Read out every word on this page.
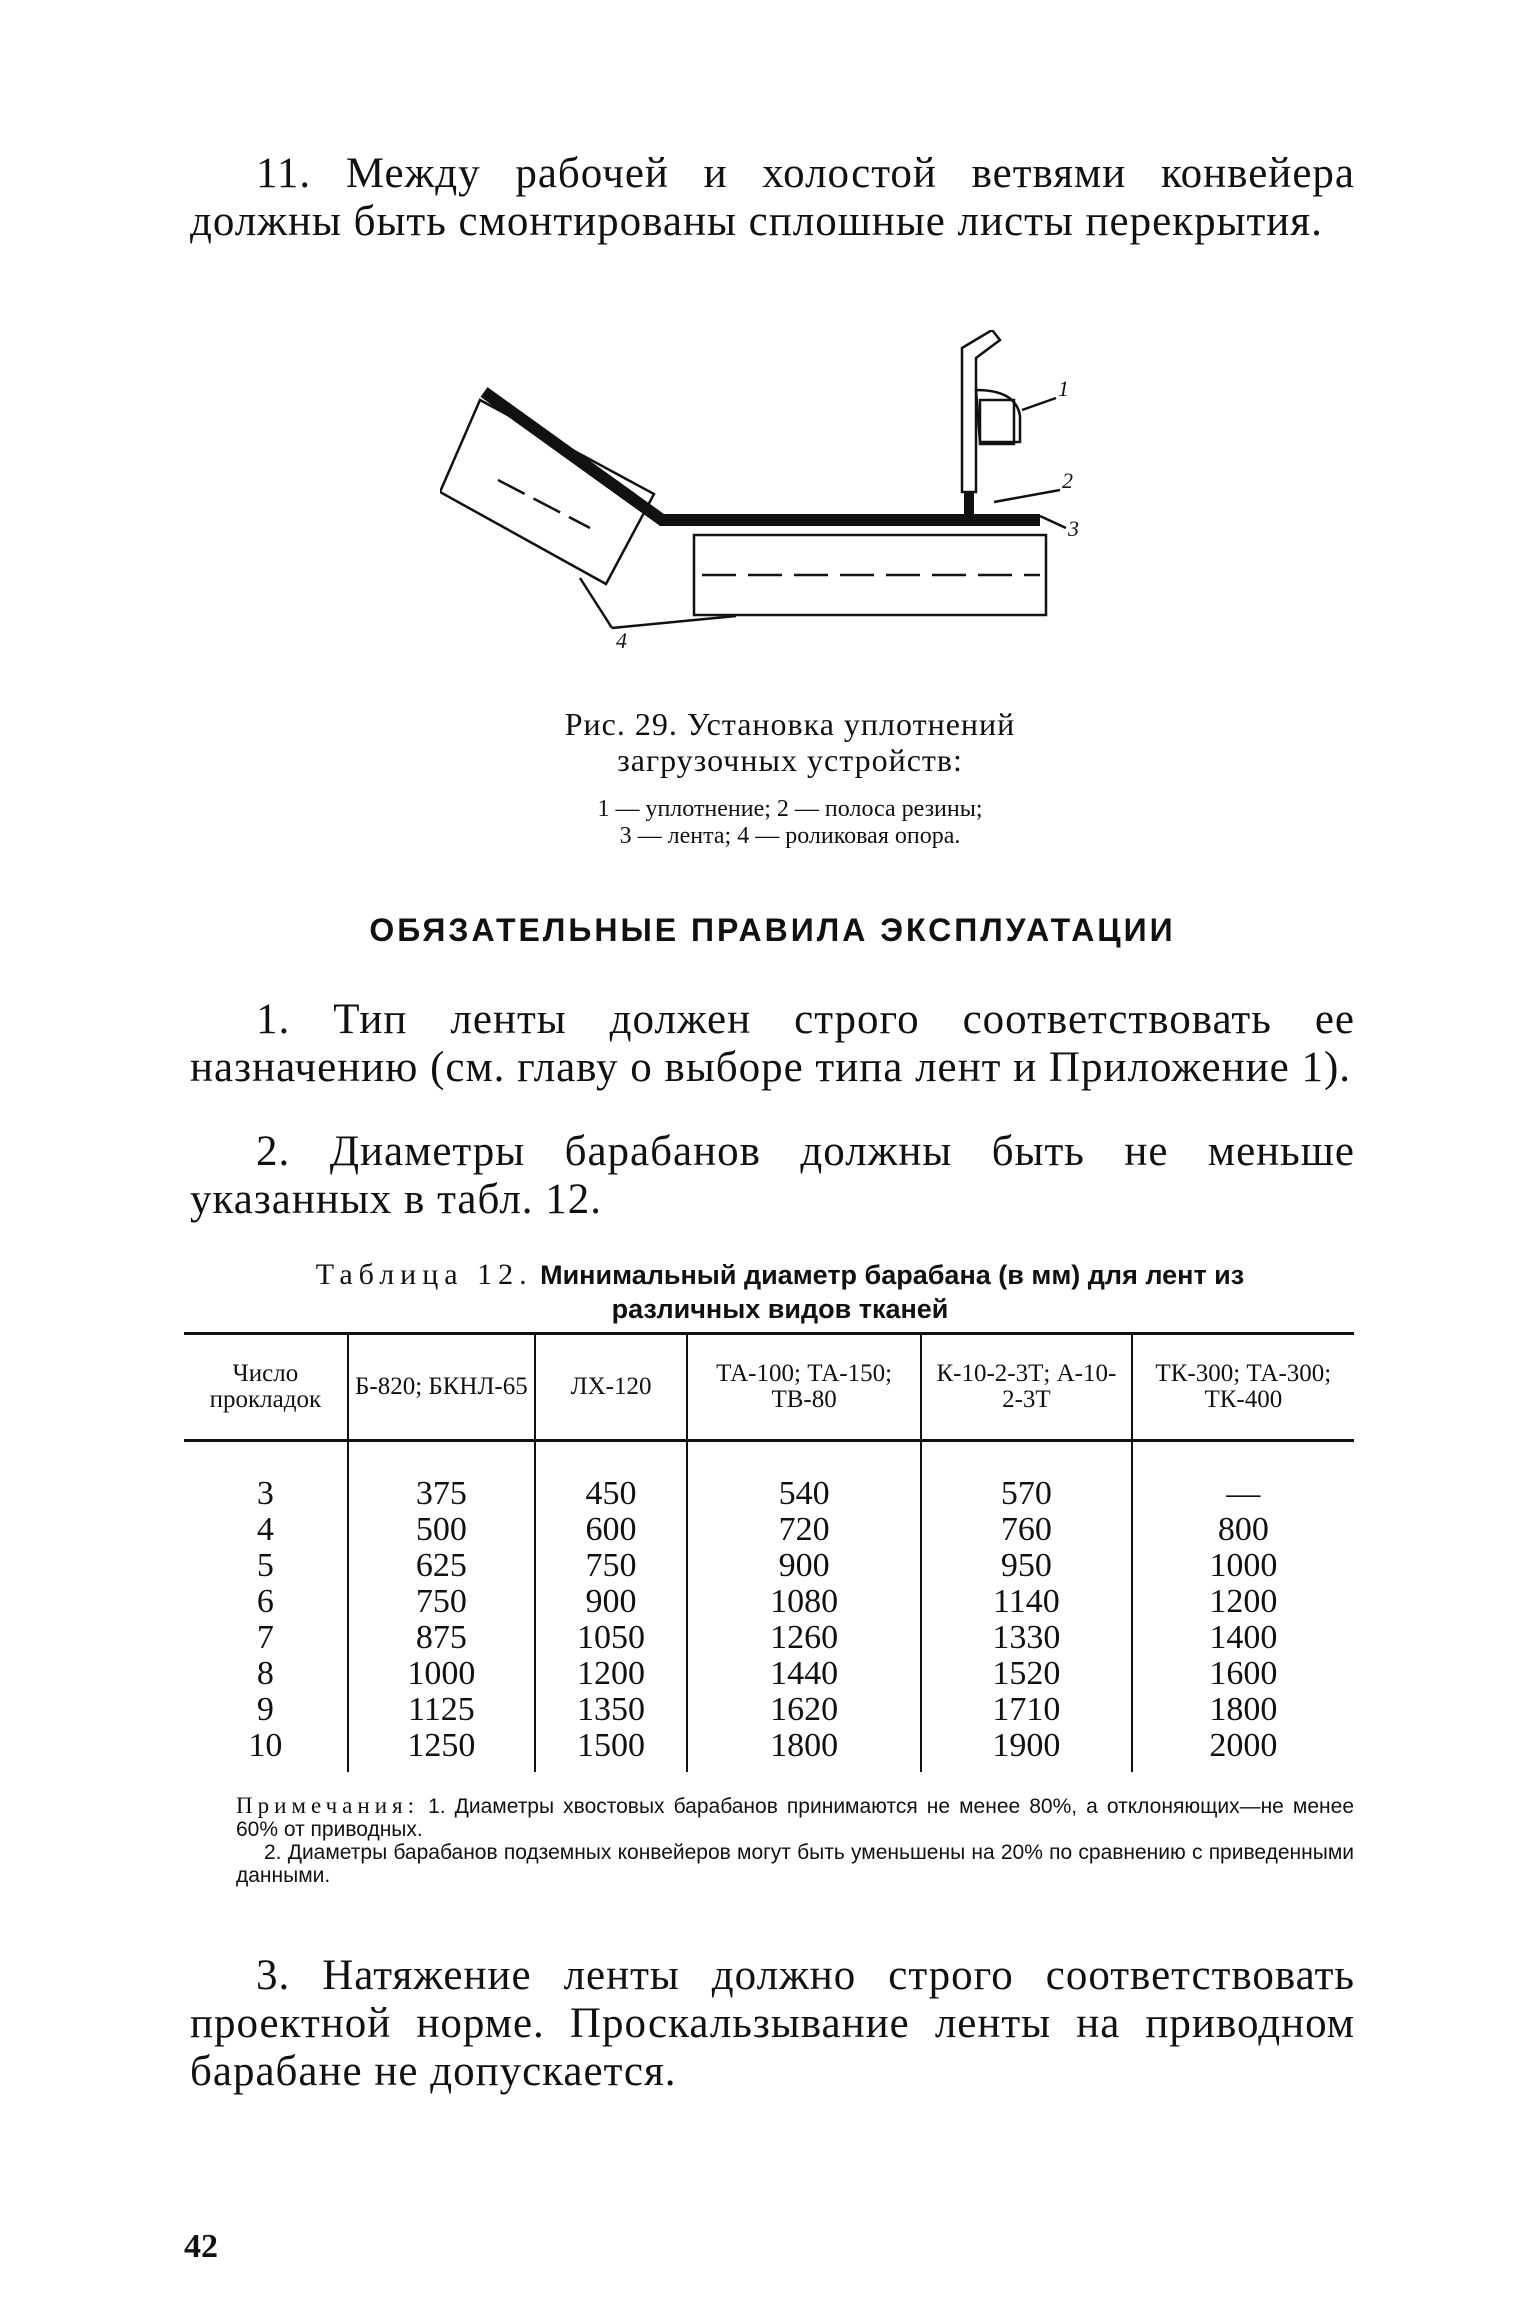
11. Между рабочей и холостой ветвями конвейера должны быть смонтированы сплошные листы перекрытия.

1
2
3
4

Рис. 29. Установка уплотнений загрузочных устройств:

1 — уплотнение; 2 — полоса резины;

3 — лента; 4 — роликовая опора.

ОБЯЗАТЕЛЬНЫЕ ПРАВИЛА ЭКСПЛУАТАЦИИ

1. Тип ленты должен строго соответствовать ее назначению (см. главу о выборе типа лент и Приложение 1).

2. Диаметры барабанов должны быть не меньше указанных в табл. 12.

Таблица 12. Минимальный диаметр барабана (в мм) для лент из различных видов тканей

Число прокладок	Б-820; БКНЛ-65	ЛХ-120	ТА-100; ТА-150; ТВ-80	К-10-2-3Т; А-10-2-3Т	ТК-300; ТА-300; ТК-400
3	375	450	540	570	—
4	500	600	720	760	800
5	625	750	900	950	1000
6	750	900	1080	1140	1200
7	875	1050	1260	1330	1400
8	1000	1200	1440	1520	1600
9	1125	1350	1620	1710	1800
10	1250	1500	1800	1900	2000

Примечания: 1. Диаметры хвостовых барабанов принимаются не менее 80%, а отклоняющих—не менее 60% от приводных.

2. Диаметры барабанов подземных конвейеров могут быть уменьшены на 20% по сравнению с приведенными данными.

3. Натяжение ленты должно строго соответствовать проектной норме. Проскальзывание ленты на приводном барабане не допускается.

42
